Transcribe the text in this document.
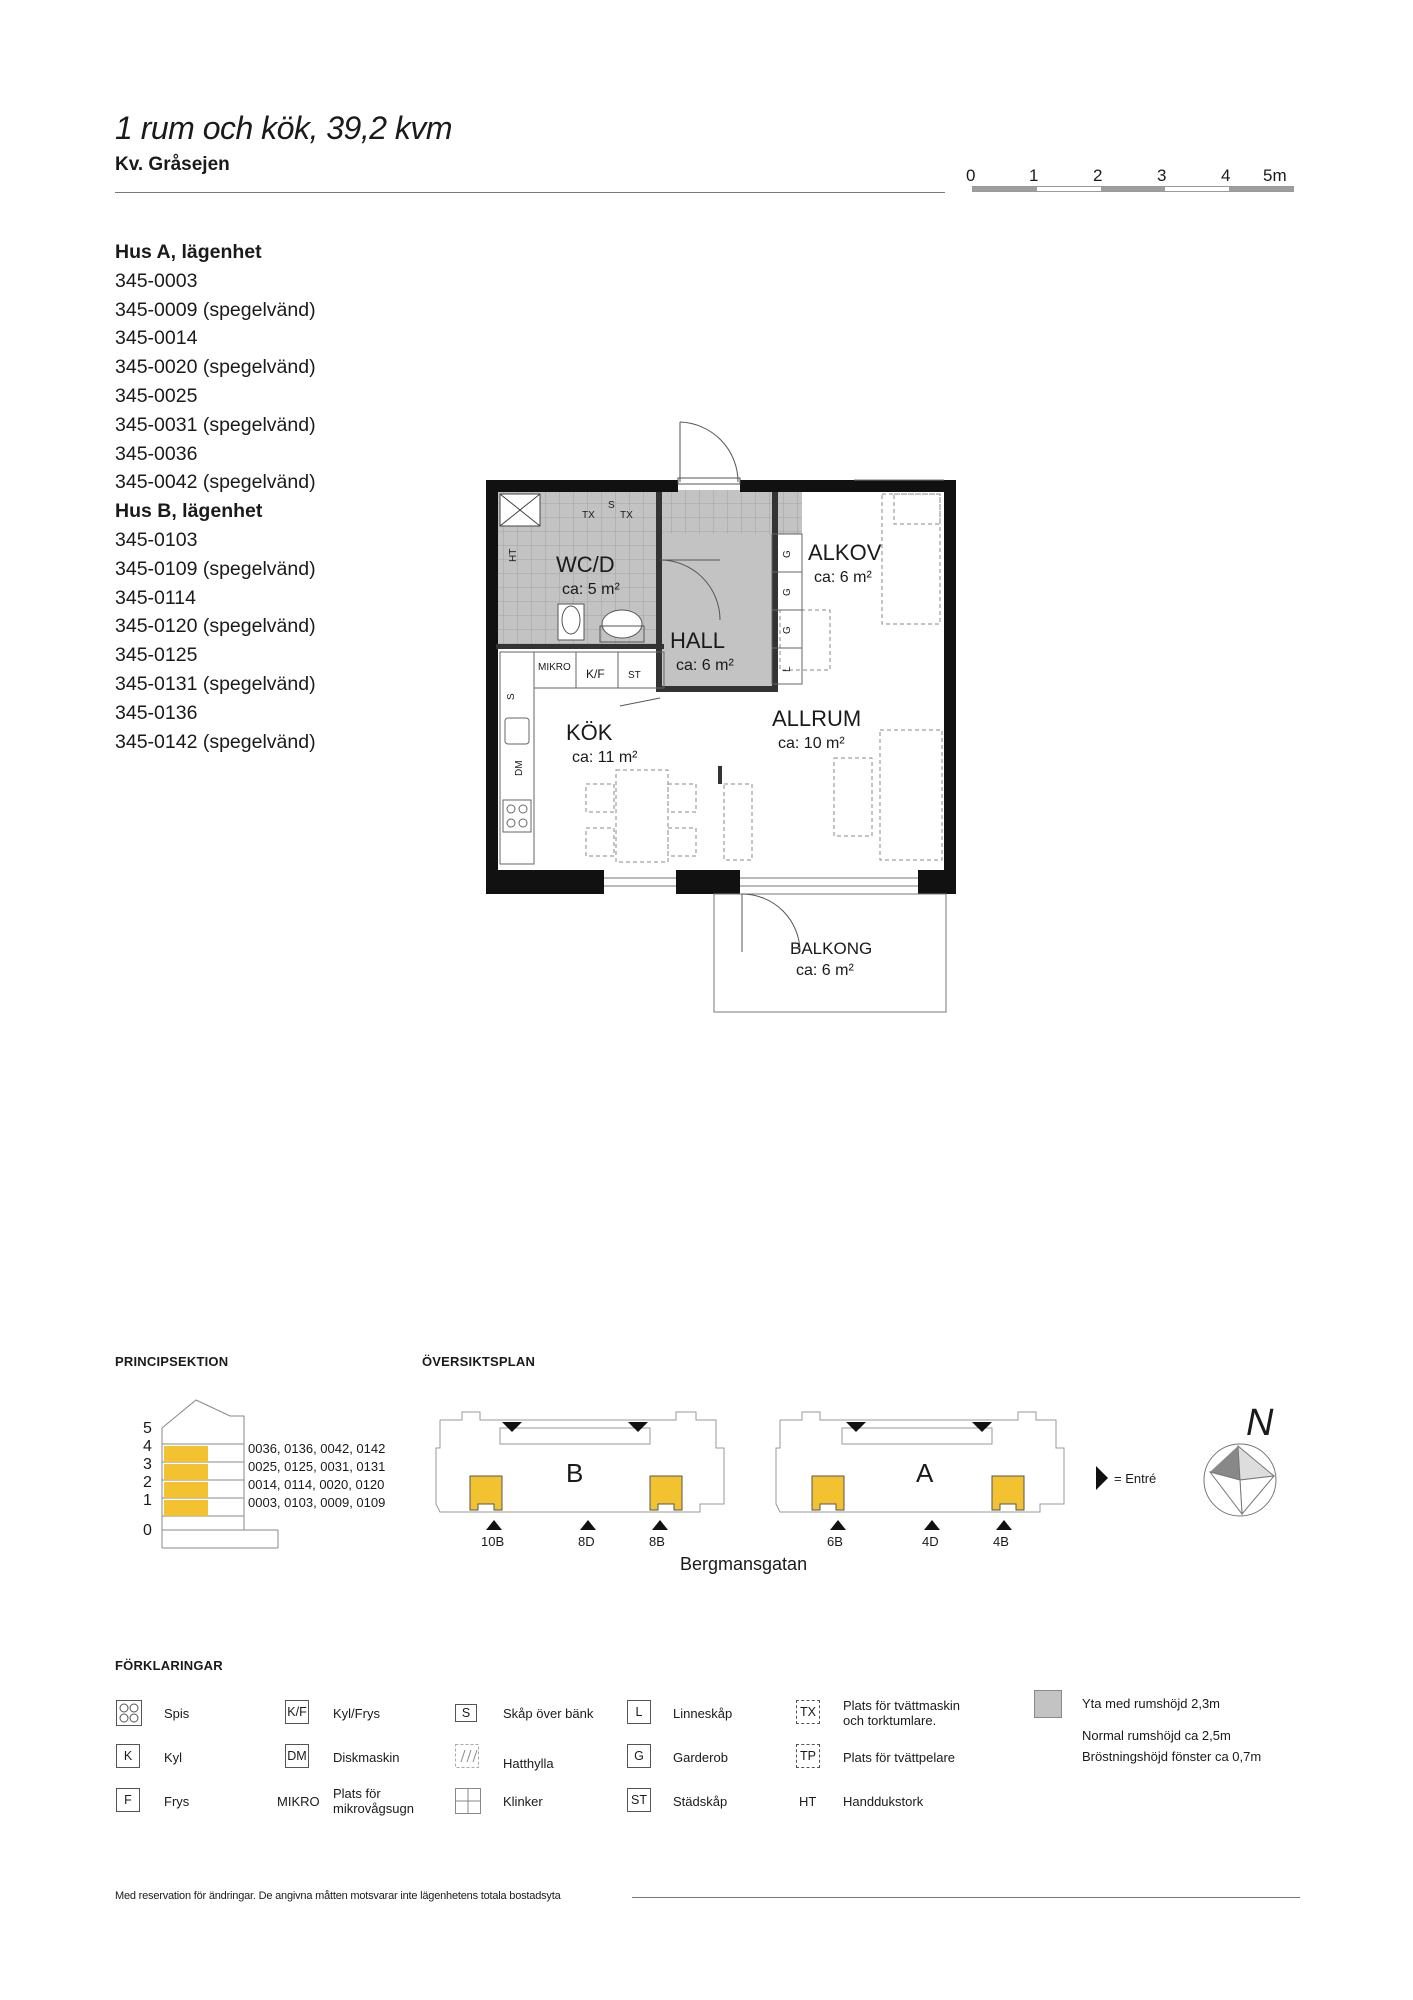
1 rum och kök, 39,2 kvm
Kv. Gråsejen
0	1	2	3	4 5m
Hus A, lägenhet
345-0003
345-0009 (spegelvänd)
345-0014
345-0020 (spegelvänd)
345-0025
345-0031 (spegelvänd)
345-0036
345-0042 (spegelvänd)
Hus B, lägenhet
345-0103
345-0109 (spegelvänd)
345-0114
345-0120 (spegelvänd)
345-0125
345-0131 (spegelvänd)
345-0136
345-0142 (spegelvänd)
WC/D
ca: 5 m²
HALL
ca: 6 m²
ALKOV
ca: 6 m²
KÖK
ca: 11 m²
ALLRUM
ca: 10 m²
BALKONG
ca: 6 m²
TX
S
TX
HT
MIKRO K/F ST
S
DM
G
G
G
L
PRINCIPSEKTION
5
4
3
2
1
0
0036, 0136, 0042, 0142
0025, 0125, 0031, 0131
0014, 0114, 0020, 0120
0003, 0103, 0009, 0109
ÖVERSIKTSPLAN
B	A
10B	8D	8B	6B	4D	4B
Bergmansgatan
= Entré
N
FÖRKLARINGAR
Spis
K	Kyl
F	Frys
K/F Kyl/Frys
DM Diskmaskin
MIKRO
Plats för mikrovågsugn
S	Skåp över bänk
Hatthylla
Klinker
L	Linneskåp
G	Garderob
ST	Städskåp
TX	Plats för tvättmaskin och torktumlare.
TP	Plats för tvättpelare
HT Handdukstork
Yta med rumshöjd 2,3m
Normal rumshöjd ca 2,5m
Bröstningshöjd fönster ca 0,7m
Med reservation för ändringar. De angivna måtten motsvarar inte lägenhetens totala bostadsyta
